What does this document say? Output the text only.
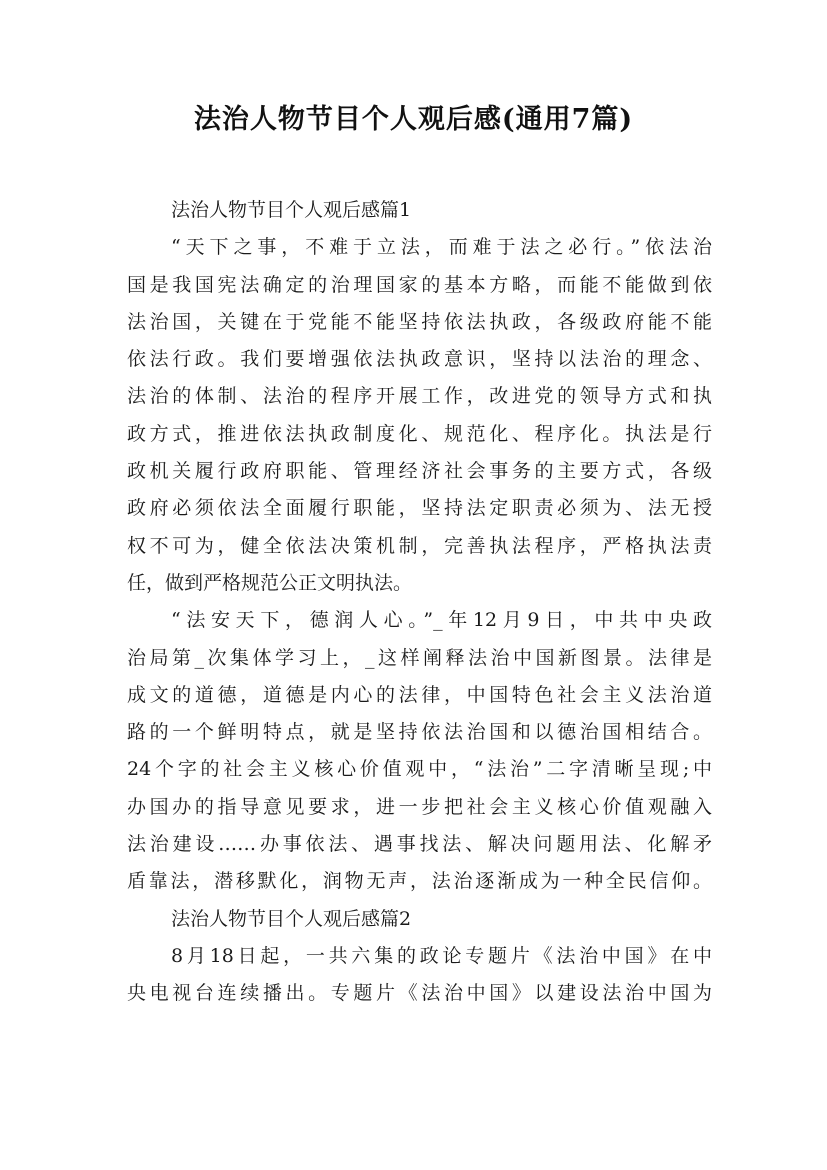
法治人物节目个人观后感(通用7篇)
法治人物节目个人观后感篇1
“天下之事，不难于立法，而难于法之必行。”依法治
国是我国宪法确定的治理国家的基本方略，而能不能做到依
法治国，关键在于党能不能坚持依法执政，各级政府能不能
依法行政。我们要增强依法执政意识，坚持以法治的理念、
法治的体制、法治的程序开展工作，改进党的领导方式和执
政方式，推进依法执政制度化、规范化、程序化。执法是行
政机关履行政府职能、管理经济社会事务的主要方式，各级
政府必须依法全面履行职能，坚持法定职责必须为、法无授
权不可为，健全依法决策机制，完善执法程序，严格执法责
任，做到严格规范公正文明执法。
“法安天下，德润人心。”_年12月9日，中共中央政
治局第_次集体学习上，_这样阐释法治中国新图景。法律是
成文的道德，道德是内心的法律，中国特色社会主义法治道
路的一个鲜明特点，就是坚持依法治国和以德治国相结合。
24个字的社会主义核心价值观中，“法治”二字清晰呈现;中
办国办的指导意见要求，进一步把社会主义核心价值观融入
法治建设……办事依法、遇事找法、解决问题用法、化解矛
盾靠法，潜移默化，润物无声，法治逐渐成为一种全民信仰。
法治人物节目个人观后感篇2
8月18日起，一共六集的政论专题片《法治中国》在中
央电视台连续播出。专题片《法治中国》以建设法治中国为
